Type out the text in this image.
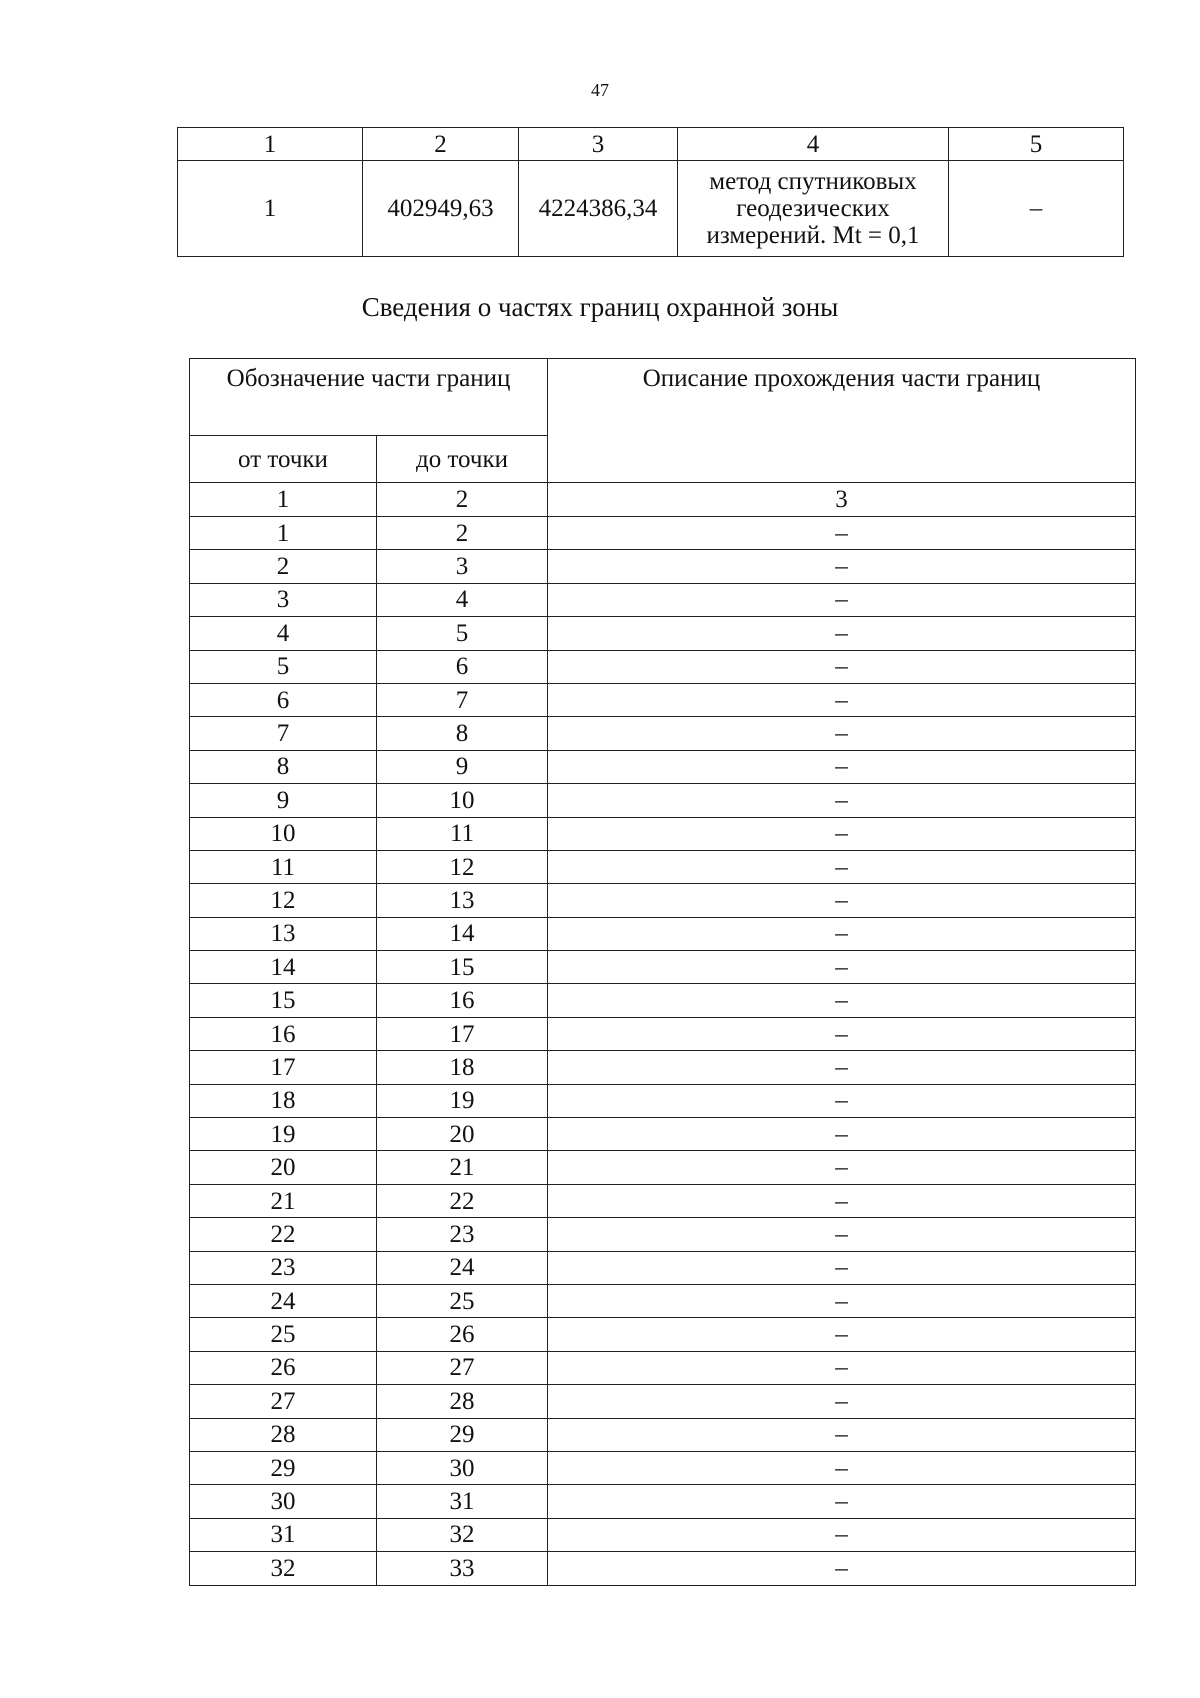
47
1	2	3	4	5
1	402949,63	4224386,34	метод спутниковых
геодезических
измерений. Mt = 0,1	–
Сведения о частях границ охранной зоны
Обозначение части границ		Описание прохождения части границ
от точки	до точки	
1	2	3
1	2	–
2	3	–
3	4	–
4	5	–
5	6	–
6	7	–
7	8	–
8	9	–
9	10	–
10	11	–
11	12	–
12	13	–
13	14	–
14	15	–
15	16	–
16	17	–
17	18	–
18	19	–
19	20	–
20	21	–
21	22	–
22	23	–
23	24	–
24	25	–
25	26	–
26	27	–
27	28	–
28	29	–
29	30	–
30	31	–
31	32	–
32	33	–
